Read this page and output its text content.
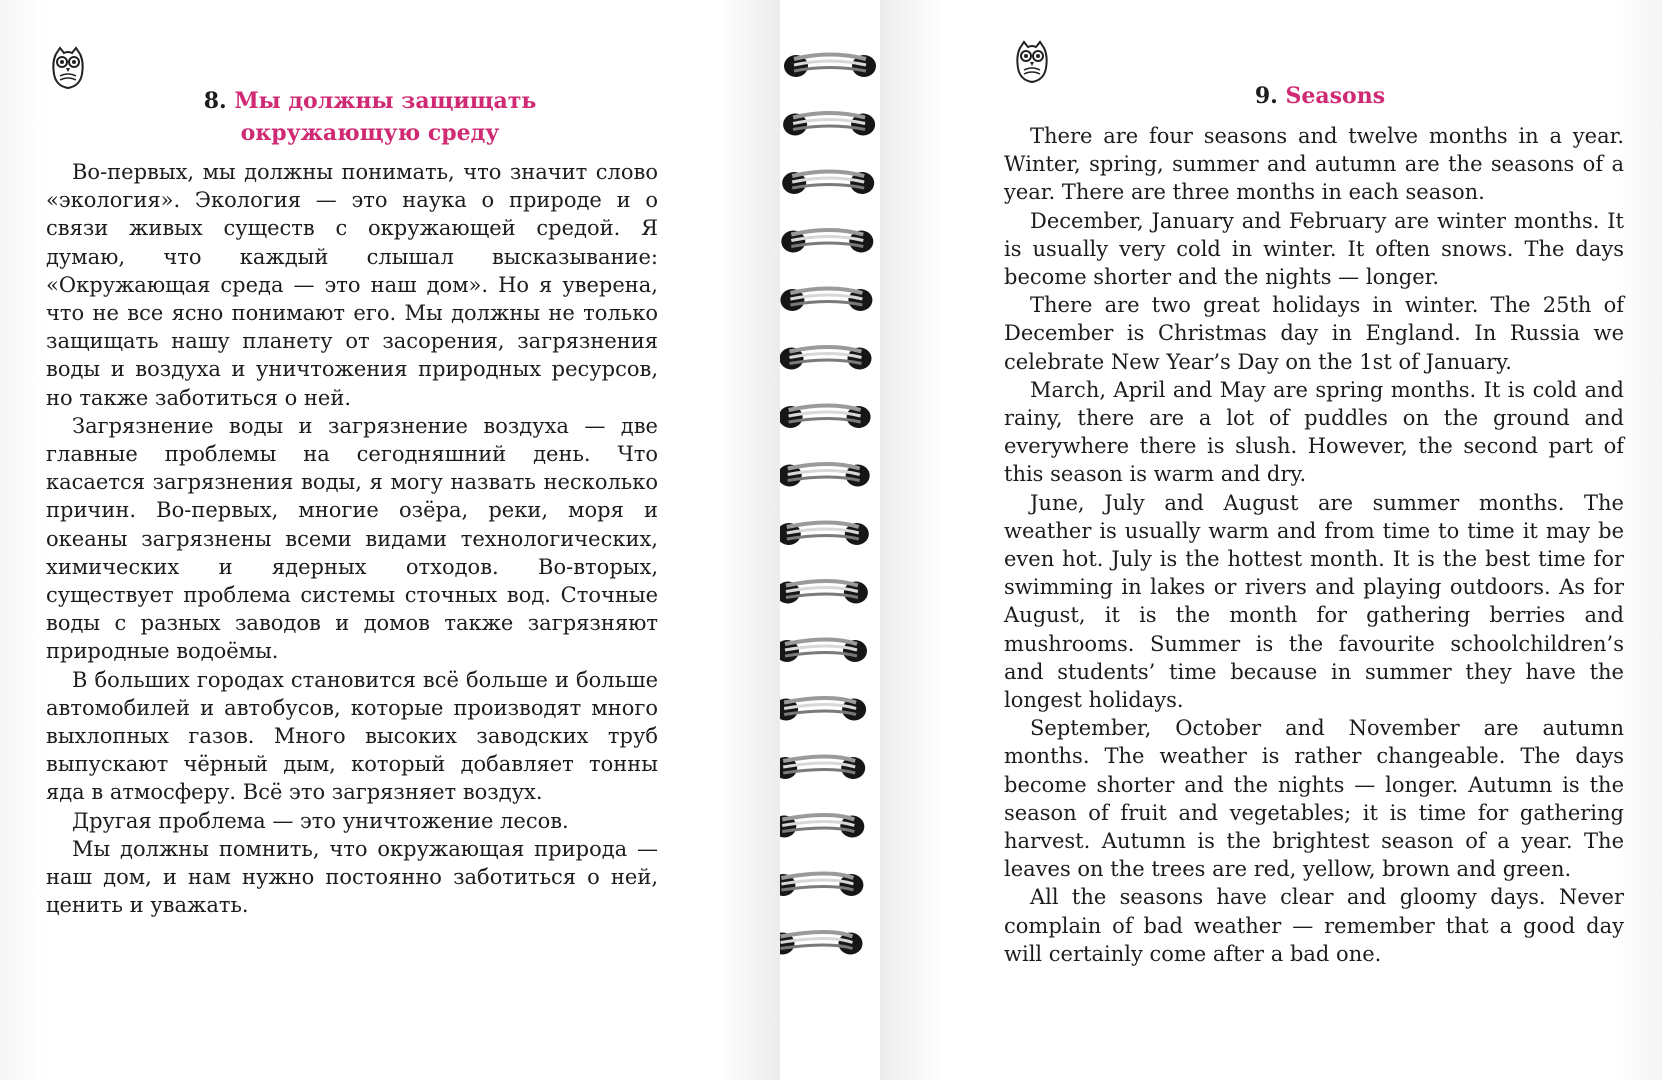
8. Мы должны защищать
окружающую среду
9. Seasons

Во-первых, мы должны понимать, что значит слово «экология». Экология — это наука о природе и о связи живых существ с окружающей средой. Я думаю, что каждый слышал высказывание: «Окружающая среда — это наш дом». Но я уверена, что не все ясно понимают его. Мы должны не только защищать нашу планету от засорения, загрязнения воды и воздуха и уничтожения природных ресурсов, но также заботиться о ней.

Загрязнение воды и загрязнение воздуха — две главные проблемы на сегодняшний день. Что касается загрязнения воды, я могу назвать несколько причин. Во-первых, многие озёра, реки, моря и океаны загрязнены всеми видами технологических, химических и ядерных отходов. Во-вторых, существует проблема системы сточных вод. Сточные воды с разных заводов и домов также загрязняют природные водоёмы.

В больших городах становится всё больше и больше автомобилей и автобусов, которые производят много выхлопных газов. Много высоких заводских труб выпускают чёрный дым, который добавляет тонны яда в атмосферу. Всё это загрязняет воздух.

Другая проблема — это уничтожение лесов.

Мы должны помнить, что окружающая природа — наш дом, и нам нужно постоянно заботиться о ней, ценить и уважать.

There are four seasons and twelve months in a year. Winter, spring, summer and autumn are the seasons of a year. There are three months in each season.

December, January and February are winter months. It is usually very cold in winter. It often snows. The days become shorter and the nights — longer.

There are two great holidays in winter. The 25th of December is Christmas day in England. In Russia we celebrate New Year’s Day on the 1st of January.

March, April and May are spring months. It is cold and rainy, there are a lot of puddles on the ground and everywhere there is slush. However, the second part of this season is warm and dry.

June, July and August are summer months. The weather is usually warm and from time to time it may be even hot. July is the hottest month. It is the best time for swimming in lakes or rivers and playing outdoors. As for August, it is the month for gathering berries and mushrooms. Summer is the favourite schoolchildren’s and students’ time because in summer they have the longest holidays.

September, October and November are autumn months. The weather is rather changeable. The days become shorter and the nights — longer. Autumn is the season of fruit and vegetables; it is time for gathering harvest. Autumn is the brightest season of a year. The leaves on the trees are red, yellow, brown and green.

All the seasons have clear and gloomy days. Never complain of bad weather — remember that a good day will certainly come after a bad one.
